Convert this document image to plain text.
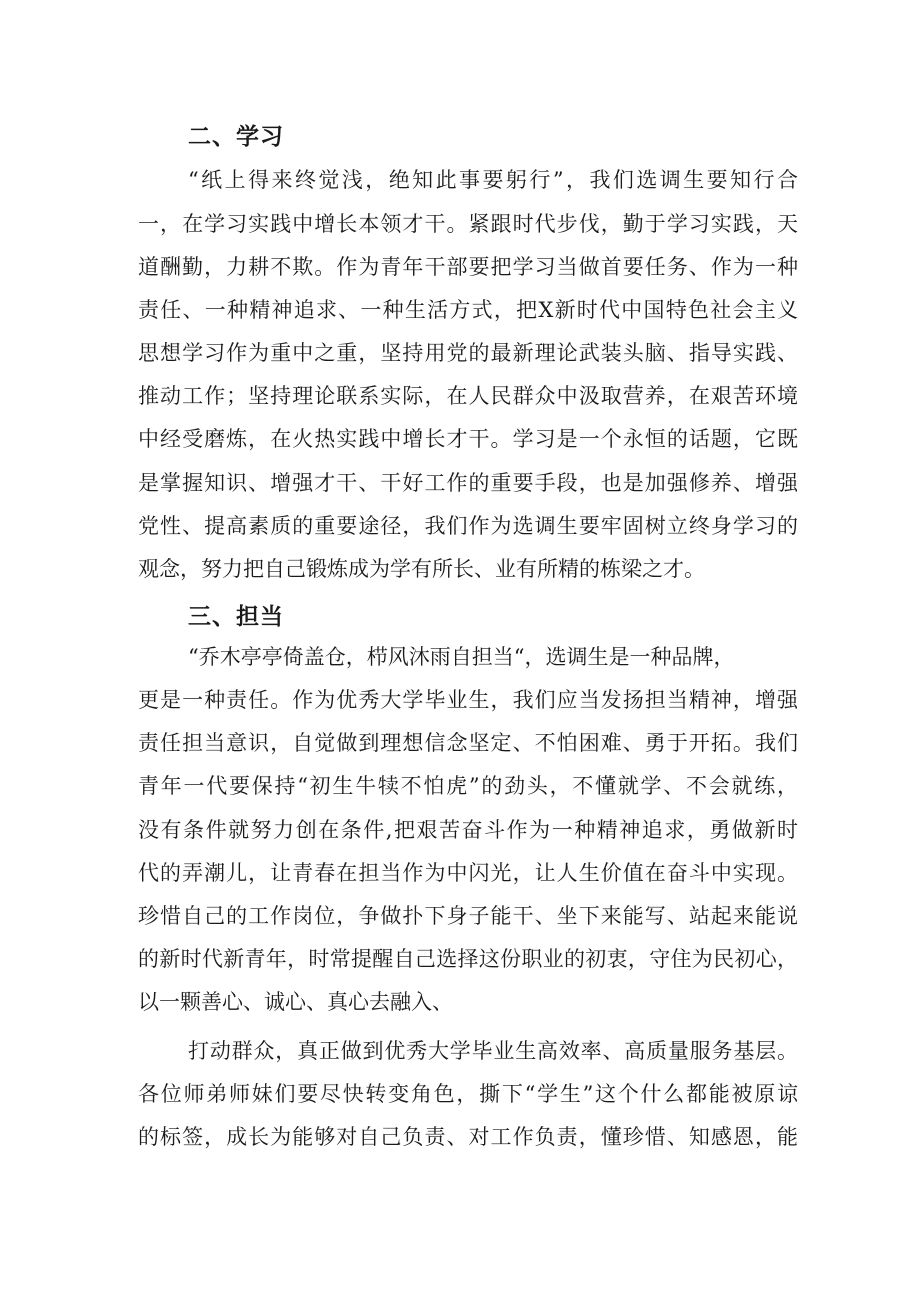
二、学习
“纸上得来终觉浅，绝知此事要躬行”，我们选调生要知行合
一，在学习实践中增长本领才干。紧跟时代步伐，勤于学习实践，天
道酬勤，力耕不欺。作为青年干部要把学习当做首要任务、作为一种
责任、一种精神追求、一种生活方式，把X新时代中国特色社会主义
思想学习作为重中之重，坚持用党的最新理论武装头脑、指导实践、
推动工作；坚持理论联系实际，在人民群众中汲取营养，在艰苦环境
中经受磨炼，在火热实践中增长才干。学习是一个永恒的话题，它既
是掌握知识、增强才干、干好工作的重要手段，也是加强修养、增强
党性、提高素质的重要途径，我们作为选调生要牢固树立终身学习的
观念，努力把自己锻炼成为学有所长、业有所精的栋梁之才。
三、担当
“乔木亭亭倚盖仓，栉风沐雨自担当“，选调生是一种品牌，
更是一种责任。作为优秀大学毕业生，我们应当发扬担当精神，增强
责任担当意识，自觉做到理想信念坚定、不怕困难、勇于开拓。我们
青年一代要保持“初生牛犊不怕虎”的劲头，不懂就学、不会就练，
没有条件就努力创在条件,把艰苦奋斗作为一种精神追求，勇做新时
代的弄潮儿，让青春在担当作为中闪光，让人生价值在奋斗中实现。
珍惜自己的工作岗位，争做扑下身子能干、坐下来能写、站起来能说
的新时代新青年，时常提醒自己选择这份职业的初衷，守住为民初心，
以一颗善心、诚心、真心去融入、
打动群众，真正做到优秀大学毕业生高效率、高质量服务基层。
各位师弟师妹们要尽快转变角色，撕下“学生”这个什么都能被原谅
的标签，成长为能够对自己负责、对工作负责，懂珍惜、知感恩，能
